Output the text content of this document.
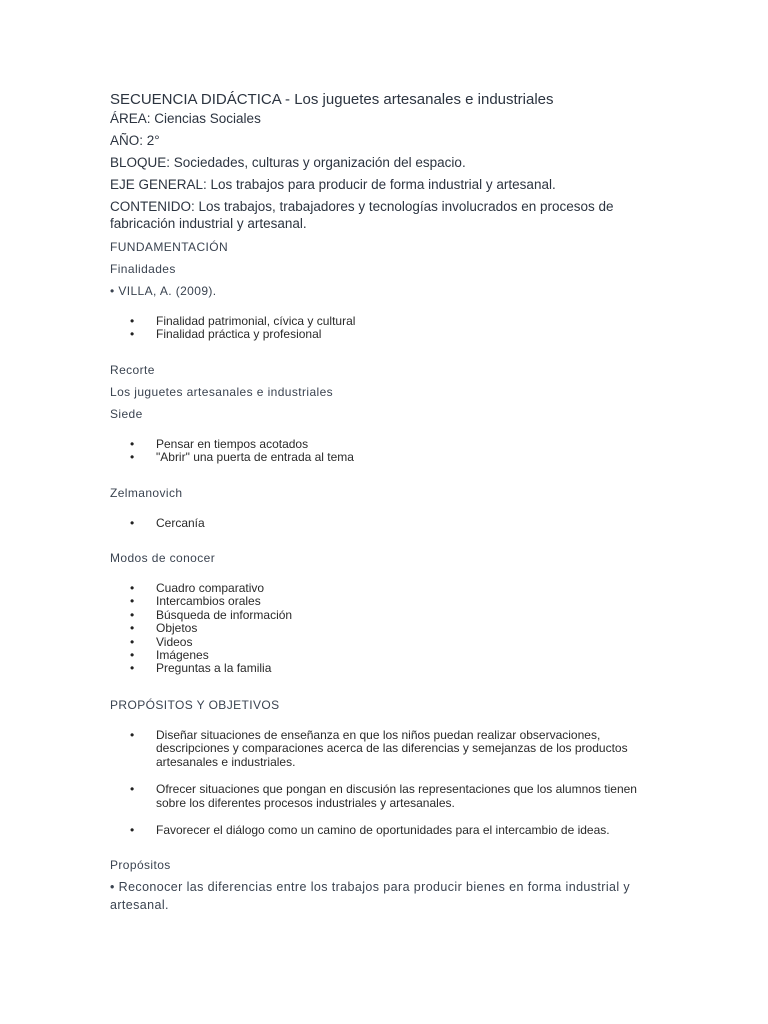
SECUENCIA DIDÁCTICA - Los juguetes artesanales e industriales

ÁREA: Ciencias Sociales

AÑO: 2°

BLOQUE: Sociedades, culturas y organización del espacio.

EJE GENERAL: Los trabajos para producir de forma industrial y artesanal.

CONTENIDO: Los trabajos, trabajadores y tecnologías involucrados en procesos de fabricación industrial y artesanal.

FUNDAMENTACIÓN

Finalidades

• VILLA, A. (2009).

• Finalidad patrimonial, cívica y cultural
• Finalidad práctica y profesional

Recorte

Los juguetes artesanales e industriales

Siede

• Pensar en tiempos acotados
• "Abrir" una puerta de entrada al tema

Zelmanovich

• Cercanía

Modos de conocer

• Cuadro comparativo
• Intercambios orales
• Búsqueda de información
• Objetos
• Videos
• Imágenes
• Preguntas a la familia

PROPÓSITOS Y OBJETIVOS

• Diseñar situaciones de enseñanza en que los niños puedan realizar observaciones, descripciones y comparaciones acerca de las diferencias y semejanzas de los productos artesanales e industriales.
• Ofrecer situaciones que pongan en discusión las representaciones que los alumnos tienen sobre los diferentes procesos industriales y artesanales.
• Favorecer el diálogo como un camino de oportunidades para el intercambio de ideas.

Propósitos

• Reconocer las diferencias entre los trabajos para producir bienes en forma industrial y artesanal.
